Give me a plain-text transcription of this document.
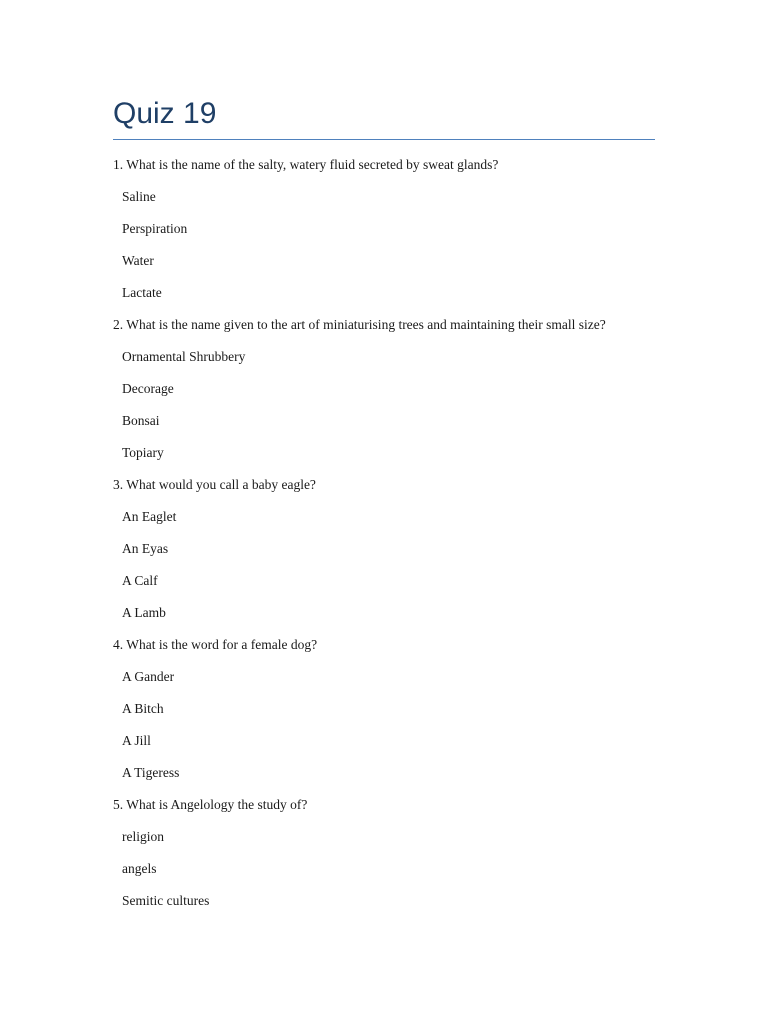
Quiz 19
1. What is the name of the salty, watery fluid secreted by sweat glands?
Saline
Perspiration
Water
Lactate
2. What is the name given to the art of miniaturising trees and maintaining their small size?
Ornamental Shrubbery
Decorage
Bonsai
Topiary
3. What would you call a baby eagle?
An Eaglet
An Eyas
A Calf
A Lamb
4. What is the word for a female dog?
A Gander
A Bitch
A Jill
A Tigeress
5. What is Angelology the study of?
religion
angels
Semitic cultures
